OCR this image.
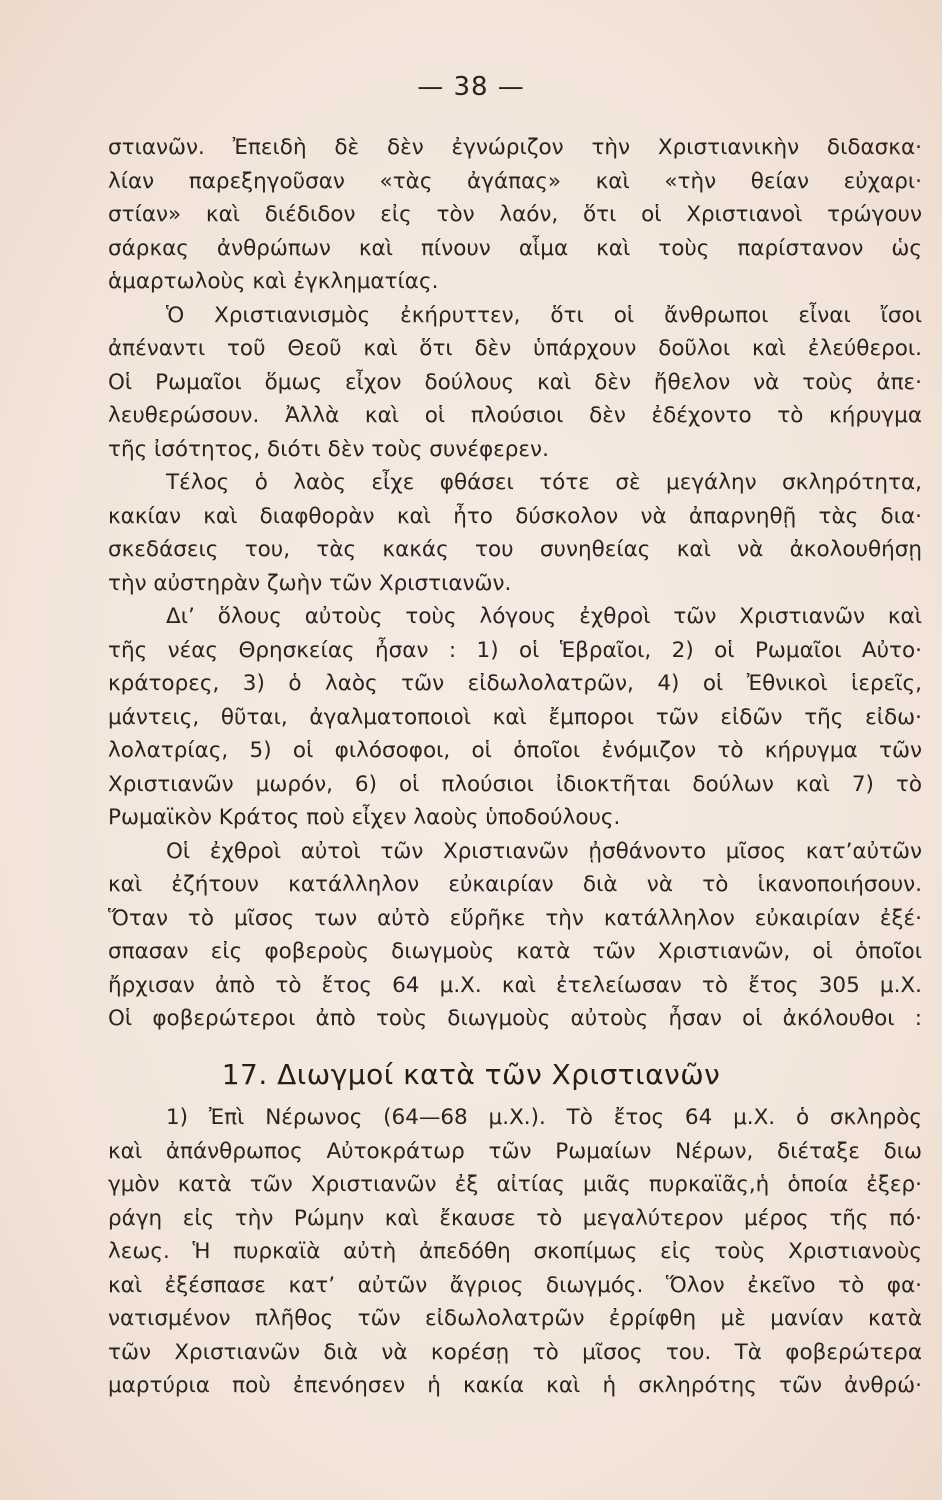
— 38 —
στιανῶν. Ἐπειδὴ δὲ δὲν ἐγνώριζον τὴν Χριστιανικὴν διδασκα·
λίαν παρεξηγοῦσαν «τὰς ἀγάπας» καὶ «τὴν θείαν εὐχαρι·
στίαν» καὶ διέδιδον εἰς τὸν λαόν, ὅτι οἱ Χριστιανοὶ τρώγουν
σάρκας ἀνθρώπων καὶ πίνουν αἷμα καὶ τοὺς παρίστανον ὡς
ἁμαρτωλοὺς καὶ ἐγκληματίας.
Ὁ Χριστιανισμὸς ἐκήρυττεν, ὅτι οἱ ἄνθρωποι εἶναι ἴσοι
ἀπέναντι τοῦ Θεοῦ καὶ ὅτι δὲν ὑπάρχουν δοῦλοι καὶ ἐλεύθεροι.
Οἱ Ρωμαῖοι ὅμως εἶχον δούλους καὶ δὲν ἤθελον νὰ τοὺς ἀπε·
λευθερώσουν. Ἀλλὰ καὶ οἱ πλούσιοι δὲν ἐδέχοντο τὸ κήρυγμα
τῆς ἰσότητος, διότι δὲν τοὺς συνέφερεν.
Τέλος ὁ λαὸς εἶχε φθάσει τότε σὲ μεγάλην σκληρότητα,
κακίαν καὶ διαφθορὰν καὶ ἦτο δύσκολον νὰ ἀπαρνηθῇ τὰς δια·
σκεδάσεις του, τὰς κακάς του συνηθείας καὶ νὰ ἀκολουθήσῃ
τὴν αὐστηρὰν ζωὴν τῶν Χριστιανῶν.
Δι’ ὅλους αὐτοὺς τοὺς λόγους ἐχθροὶ τῶν Χριστιανῶν καὶ
τῆς νέας Θρησκείας ἦσαν : 1) οἱ Ἑβραῖοι, 2) οἱ Ρωμαῖοι Αὐτο·
κράτορες, 3) ὁ λαὸς τῶν εἰδωλολατρῶν, 4) οἱ Ἐθνικοὶ ἱερεῖς,
μάντεις, θῦται, ἀγαλματοποιοὶ καὶ ἔμποροι τῶν εἰδῶν τῆς εἰδω·
λολατρίας, 5) οἱ φιλόσοφοι, οἱ ὁποῖοι ἐνόμιζον τὸ κήρυγμα τῶν
Χριστιανῶν μωρόν, 6) οἱ πλούσιοι ἰδιοκτῆται δούλων καὶ 7) τὸ
Ρωμαϊκὸν Κράτος ποὺ εἶχεν λαοὺς ὑποδούλους.
Οἱ ἐχθροὶ αὐτοὶ τῶν Χριστιανῶν ᾐσθάνοντο μῖσος κατ’αὐτῶν
καὶ ἐζήτουν κατάλληλον εὐκαιρίαν διὰ νὰ τὸ ἱκανοποιήσουν.
Ὅταν τὸ μῖσος των αὐτὸ εὕρῆκε τὴν κατάλληλον εὐκαιρίαν ἐξέ·
σπασαν εἰς φοβεροὺς διωγμοὺς κατὰ τῶν Χριστιανῶν, οἱ ὁποῖοι
ἤρχισαν ἀπὸ τὸ ἔτος 64 μ.Χ. καὶ ἐτελείωσαν τὸ ἔτος 305 μ.Χ.
Οἱ φοβερώτεροι ἀπὸ τοὺς διωγμοὺς αὐτοὺς ἦσαν οἱ ἀκόλουθοι :
17. Διωγμοί κατὰ τῶν Χριστιανῶν
1) Ἐπὶ Νέρωνος (64—68 μ.Χ.). Τὸ ἔτος 64 μ.Χ. ὁ σκληρὸς
καὶ ἀπάνθρωπος Αὐτοκράτωρ τῶν Ρωμαίων Νέρων, διέταξε διω
γμὸν κατὰ τῶν Χριστιανῶν ἐξ αἰτίας μιᾶς πυρκαϊᾶς,ἡ ὁποία ἐξερ·
ράγη εἰς τὴν Ρώμην καὶ ἔκαυσε τὸ μεγαλύτερον μέρος τῆς πό·
λεως. Ἡ πυρκαϊὰ αὐτὴ ἀπεδόθη σκοπίμως εἰς τοὺς Χριστιανοὺς
καὶ ἐξέσπασε κατ’ αὐτῶν ἄγριος διωγμός. Ὅλον ἐκεῖνο τὸ φα·
νατισμένον πλῆθος τῶν εἰδωλολατρῶν ἐρρίφθη μὲ μανίαν κατὰ
τῶν Χριστιανῶν διὰ νὰ κορέσῃ τὸ μῖσος του. Τὰ φοβερώτερα
μαρτύρια ποὺ ἐπενόησεν ἡ κακία καὶ ἡ σκληρότης τῶν ἀνθρώ·
